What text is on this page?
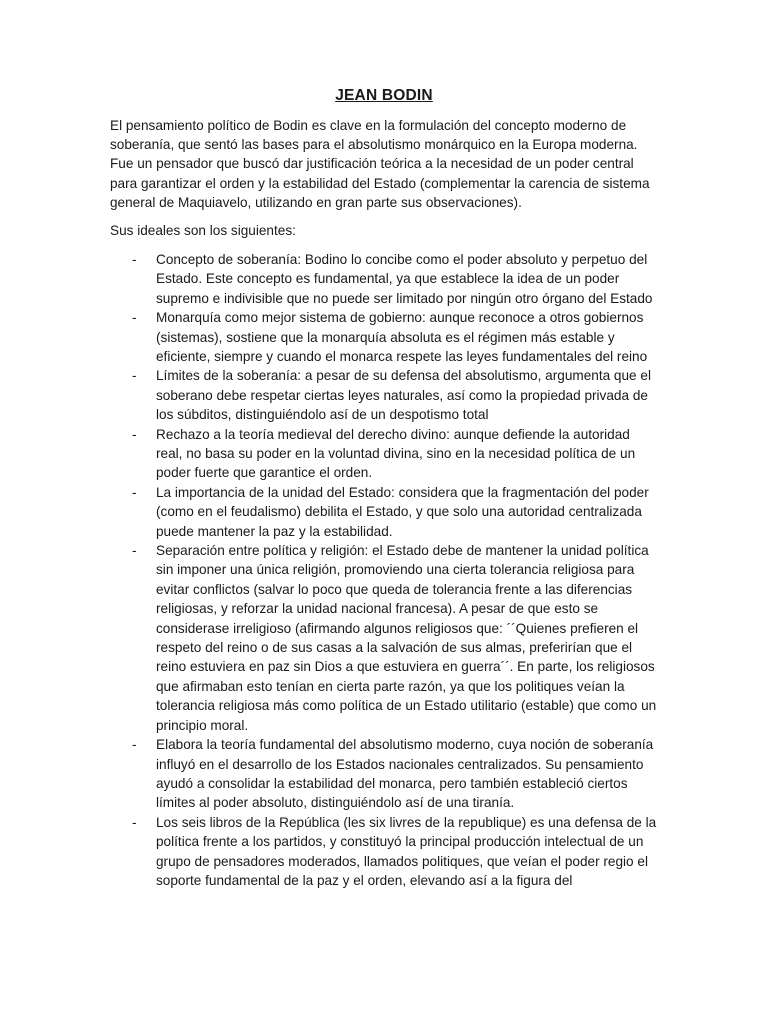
JEAN BODIN

El pensamiento político de Bodin es clave en la formulación del concepto moderno de soberanía, que sentó las bases para el absolutismo monárquico en la Europa moderna. Fue un pensador que buscó dar justificación teórica a la necesidad de un poder central para garantizar el orden y la estabilidad del Estado (complementar la carencia de sistema general de Maquiavelo, utilizando en gran parte sus observaciones).

Sus ideales son los siguientes:

- Concepto de soberanía: Bodino lo concibe como el poder absoluto y perpetuo del Estado. Este concepto es fundamental, ya que establece la idea de un poder supremo e indivisible que no puede ser limitado por ningún otro órgano del Estado
- Monarquía como mejor sistema de gobierno: aunque reconoce a otros gobiernos (sistemas), sostiene que la monarquía absoluta es el régimen más estable y eficiente, siempre y cuando el monarca respete las leyes fundamentales del reino
- Límites de la soberanía: a pesar de su defensa del absolutismo, argumenta que el soberano debe respetar ciertas leyes naturales, así como la propiedad privada de los súbditos, distinguiéndolo así de un despotismo total
- Rechazo a la teoría medieval del derecho divino: aunque defiende la autoridad real, no basa su poder en la voluntad divina, sino en la necesidad política de un poder fuerte que garantice el orden.
- La importancia de la unidad del Estado: considera que la fragmentación del poder (como en el feudalismo) debilita el Estado, y que solo una autoridad centralizada puede mantener la paz y la estabilidad.
- Separación entre política y religión: el Estado debe de mantener la unidad política sin imponer una única religión, promoviendo una cierta tolerancia religiosa para evitar conflictos (salvar lo poco que queda de tolerancia frente a las diferencias religiosas, y reforzar la unidad nacional francesa). A pesar de que esto se considerase irreligioso (afirmando algunos religiosos que: ´´Quienes prefieren el respeto del reino o de sus casas a la salvación de sus almas, preferirían que el reino estuviera en paz sin Dios a que estuviera en guerra´´. En parte, los religiosos que afirmaban esto tenían en cierta parte razón, ya que los politiques veían la tolerancia religiosa más como política de un Estado utilitario (estable) que como un principio moral.
- Elabora la teoría fundamental del absolutismo moderno, cuya noción de soberanía influyó en el desarrollo de los Estados nacionales centralizados. Su pensamiento ayudó a consolidar la estabilidad del monarca, pero también estableció ciertos límites al poder absoluto, distinguiéndolo así de una tiranía.
- Los seis libros de la República (les six livres de la republique) es una defensa de la política frente a los partidos, y constituyó la principal producción intelectual de un grupo de pensadores moderados, llamados politiques, que veían el poder regio el soporte fundamental de la paz y el orden, elevando así a la figura del
